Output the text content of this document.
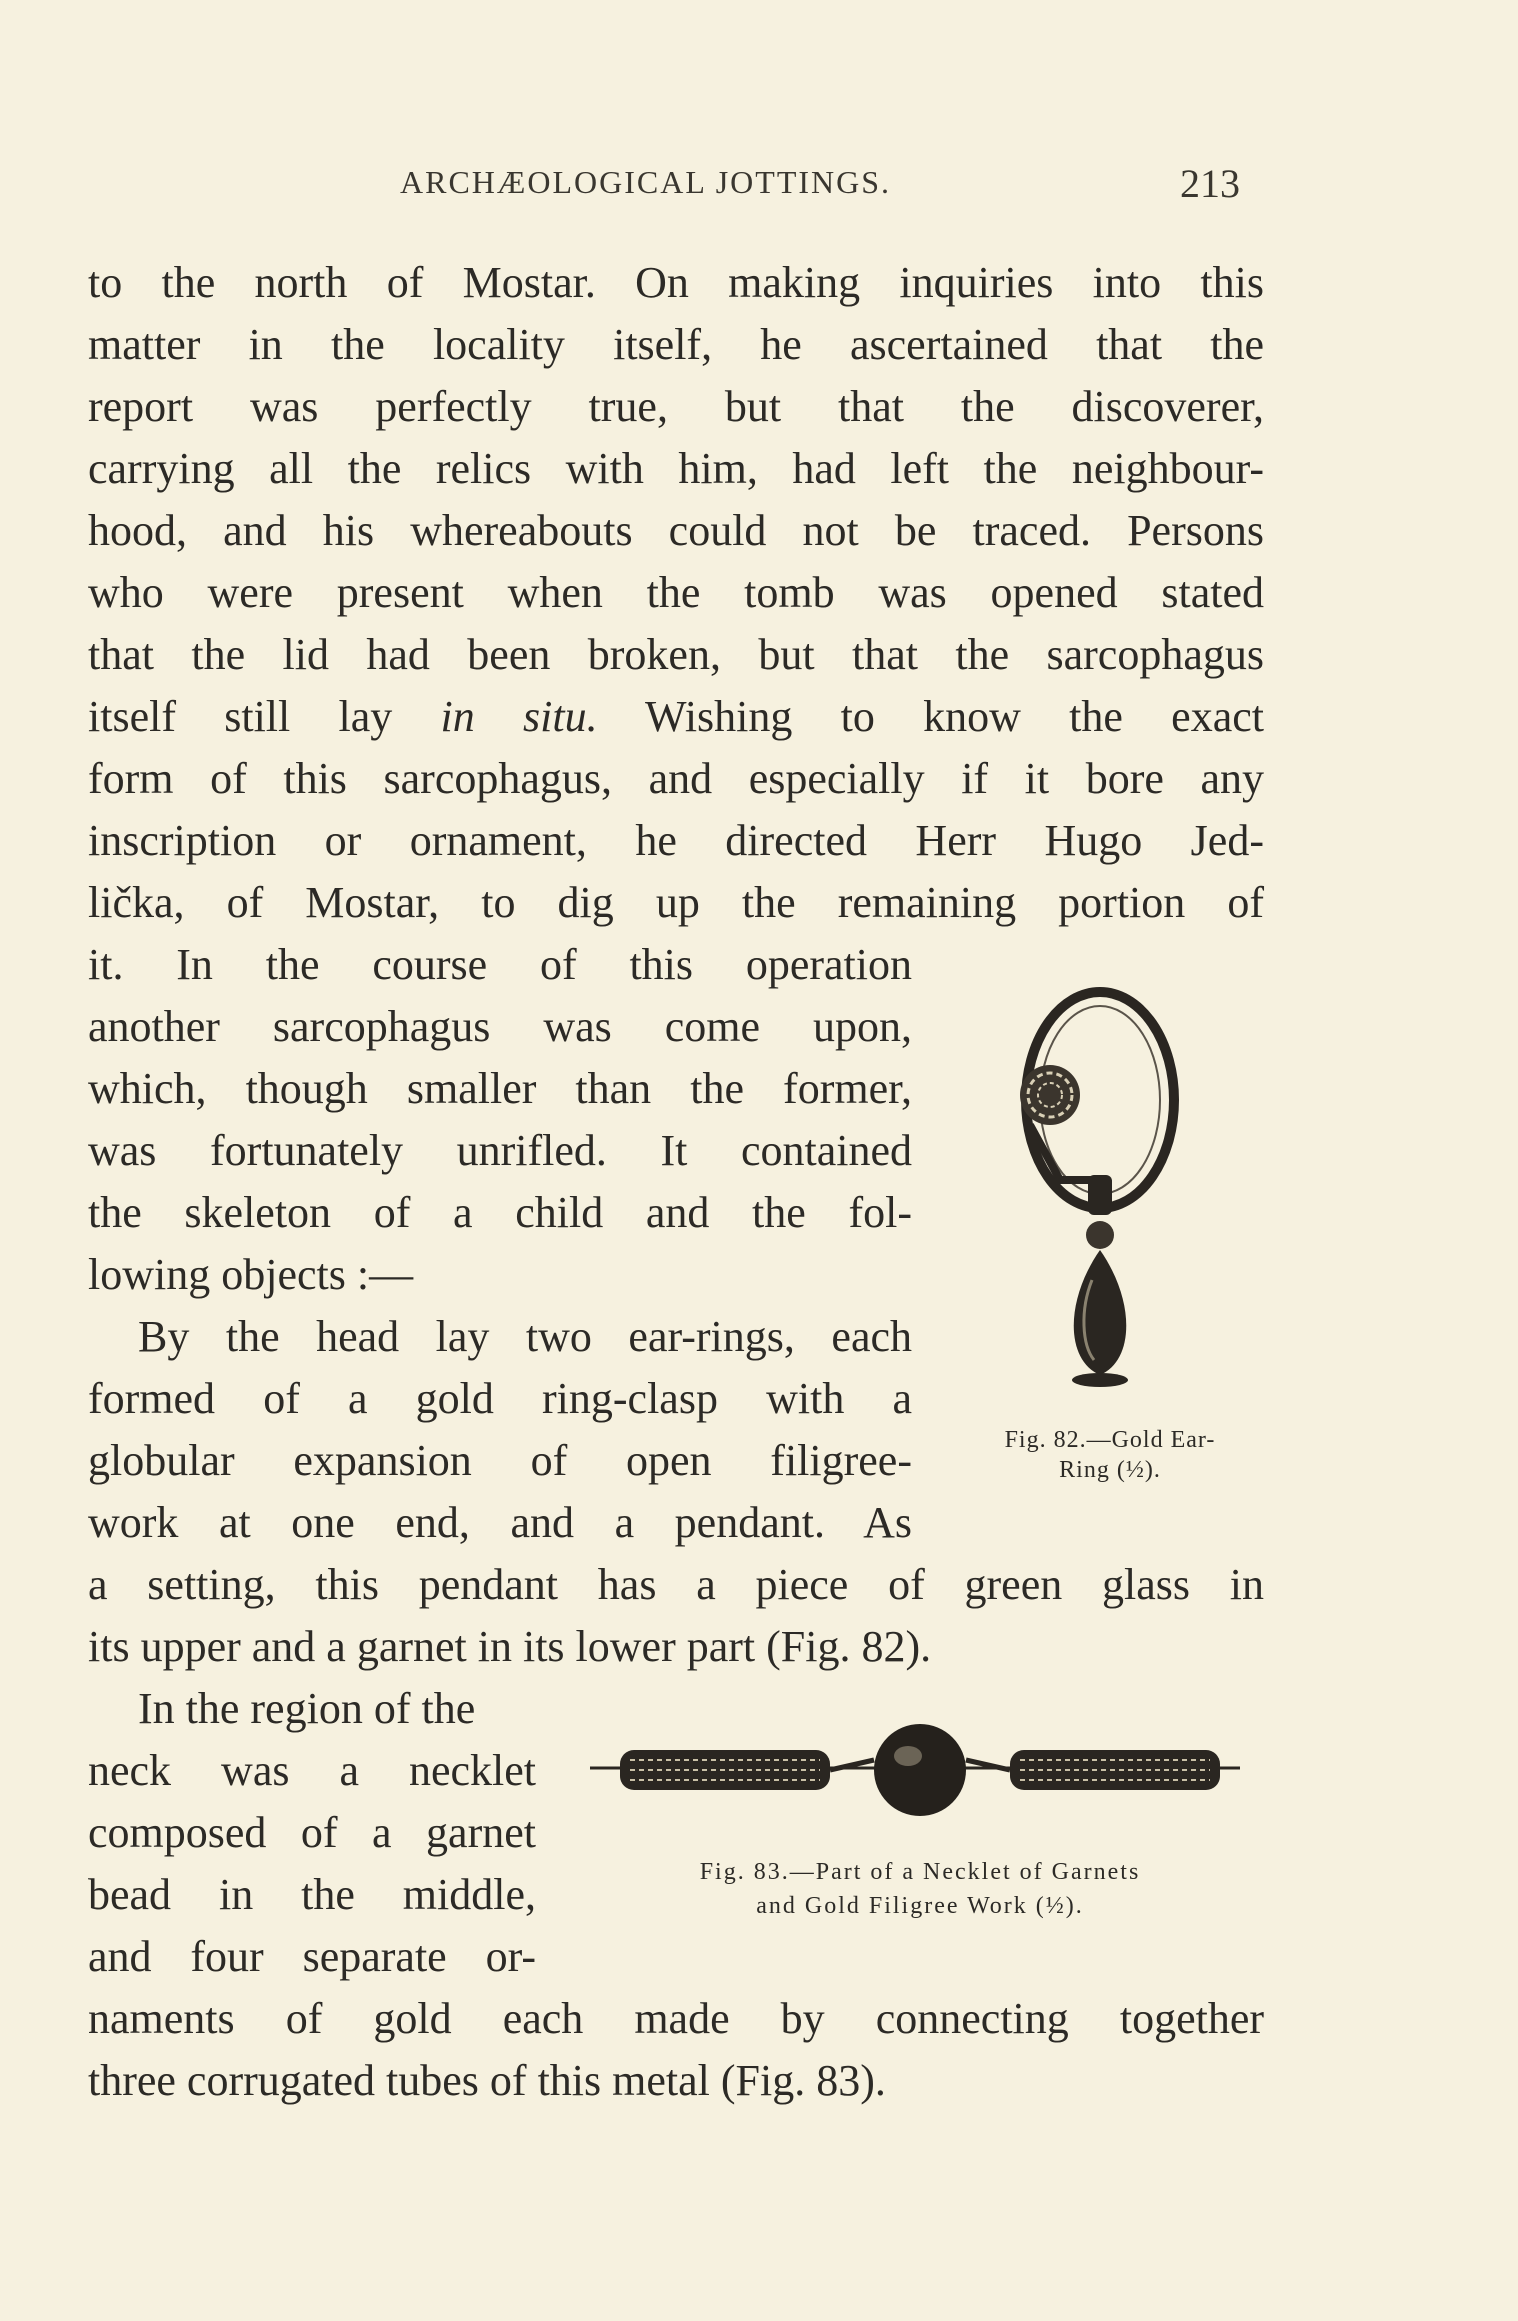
ARCHÆOLOGICAL JOTTINGS.	213
to the north of Mostar. On making inquiries into this
matter in the locality itself, he ascertained that the
report was perfectly true, but that the discoverer,
carrying all the relics with him, had left the neighbour-
hood, and his whereabouts could not be traced. Persons
who were present when the tomb was opened stated
that the lid had been broken, but that the sarcophagus
itself still lay in situ. Wishing to know the exact
form of this sarcophagus, and especially if it bore any
inscription or ornament, he directed Herr Hugo Jed-
lička, of Mostar, to dig up the remaining portion of
it. In the course of this operation
another sarcophagus was come upon,
which, though smaller than the former,
was fortunately unrifled. It contained
the skeleton of a child and the fol-
lowing objects :—
By the head lay two ear-rings, each
formed of a gold ring-clasp with a
globular expansion of open filigree-
work at one end, and a pendant. As
Fig. 82.—Gold Ear-
Ring (½).
a setting, this pendant has a piece of green glass in
its upper and a garnet in its lower part (Fig. 82).
In the region of the
neck was a necklet
composed of a garnet
bead in the middle,
and four separate or-
Fig. 83.—Part of a Necklet of Garnets
and Gold Filigree Work (½).
naments of gold each made by connecting together
three corrugated tubes of this metal (Fig. 83).
